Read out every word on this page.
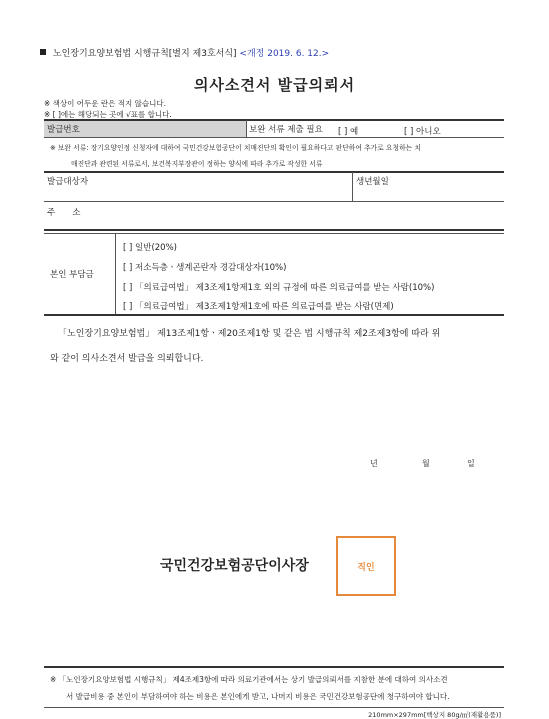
노인장기요양보험법 시행규칙[별지 제3호서식] <개정 2019. 6. 12.>
의사소견서 발급의뢰서
※ 색상이 어두운 란은 적지 않습니다.
※ [ ]에는 해당되는 곳에 √표를 합니다.
발급번호	보완 서류 제출 필요 [ ] 예	[ ] 아니오
※ 보완 서류: 장기요양인정 신청자에 대하여 국민건강보험공단이 치매진단의 확인이 필요하다고 판단하여 추가로 요청하는 치
매진단과 관련된 서류로서, 보건복지부장관이 정하는 양식에 따라 추가로 작성한 서류
발급대상자	생년월일
주　　소
본인 부담금
[ ] 일반(20%)
[ ] 저소득층ㆍ생계곤란자 경감대상자(10%)
[ ] 「의료급여법」 제3조제1항제1호 외의 규정에 따른 의료급여를 받는 사람(10%)
[ ] 「의료급여법」 제3조제1항제1호에 따른 의료급여를 받는 사람(면제)
「노인장기요양보험법」 제13조제1항ㆍ제20조제1항 및 같은 법 시행규칙 제2조제3항에 따라 위
와 같이 의사소견서 발급을 의뢰합니다.
년	월	일
국민건강보험공단이사장	직인
※ 「노인장기요양보험법 시행규칙」 제4조제3항에 따라 의료기관에서는 상기 발급의뢰서를 지참한 분에 대하여 의사소견
서 발급비용 중 본인이 부담하여야 하는 비용은 본인에게 받고, 나머지 비용은 국민건강보험공단에 청구하여야 합니다.
210mm×297mm[백상지 80g/㎡(재활용품)]
